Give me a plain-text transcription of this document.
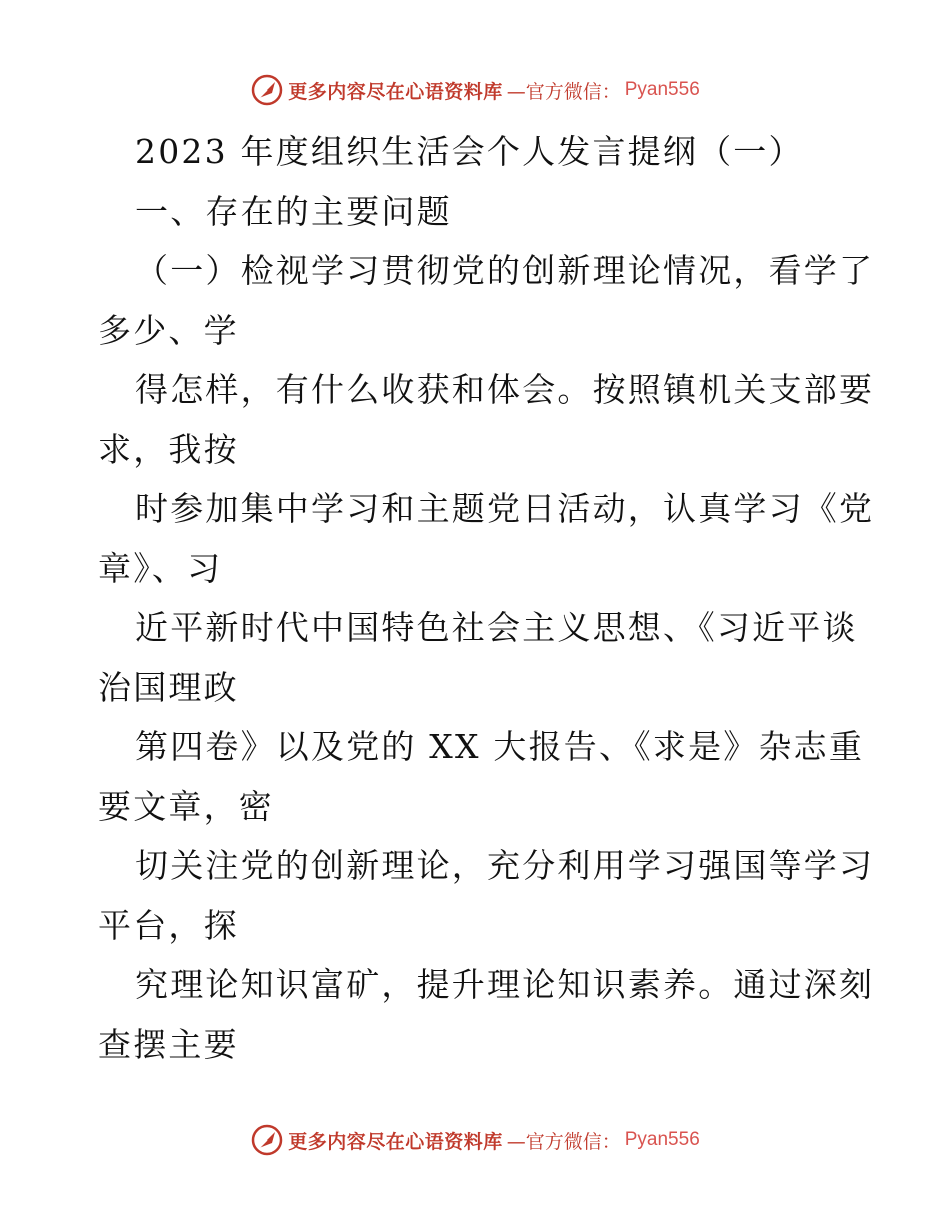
更多内容尽在心语资料库 —官方微信： Pyan556
2023 年度组织生活会个人发言提纲（一）
一、存在的主要问题
（一）检视学习贯彻党的创新理论情况，看学了
多少、学
得怎样，有什么收获和体会。按照镇机关支部要
求，我按
时参加集中学习和主题党日活动，认真学习《党
章》、习
近平新时代中国特色社会主义思想、《习近平谈
治国理政
第四卷》以及党的 XX 大报告、《求是》杂志重
要文章，密
切关注党的创新理论，充分利用学习强国等学习
平台，探
究理论知识富矿，提升理论知识素养。通过深刻
查摆主要
更多内容尽在心语资料库 —官方微信： Pyan556
